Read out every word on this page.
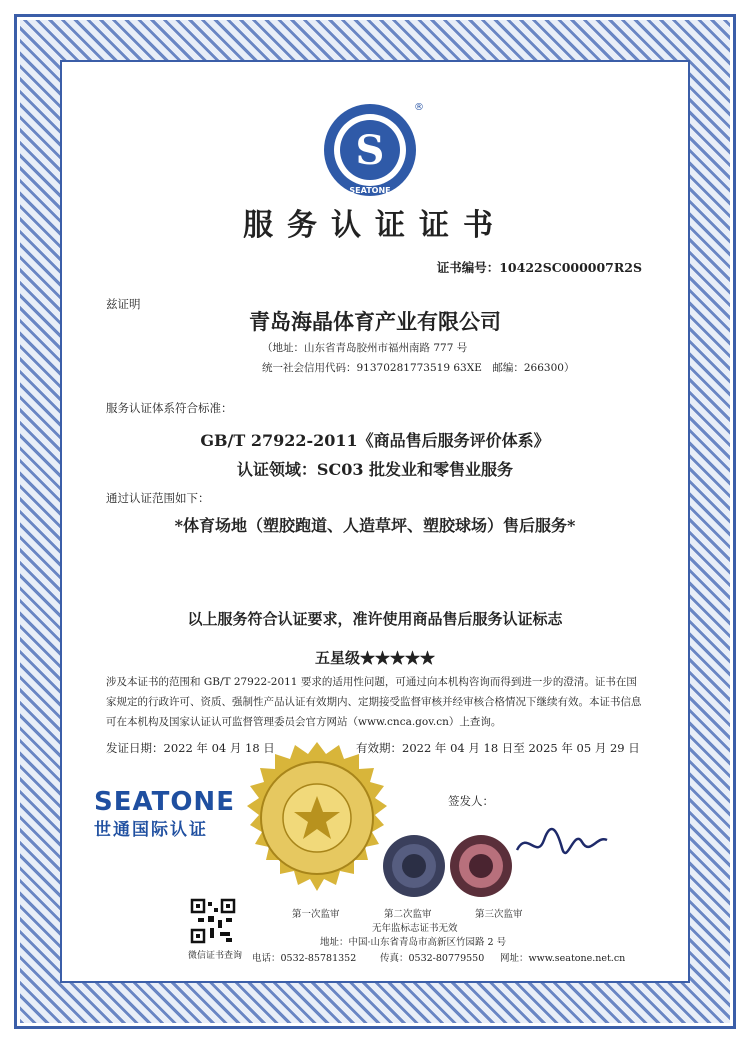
S
SEATONE
®
服务认证证书
证书编号：10422SC000007R2S
兹证明
青岛海晶体育产业有限公司
（地址：山东省青岛胶州市福州南路 777 号
统一社会信用代码：91370281773519 63XE　邮编：266300）
服务认证体系符合标准：
GB/T 27922-2011《商品售后服务评价体系》
认证领域：SC03 批发业和零售业服务
通过认证范围如下：
*体育场地（塑胶跑道、人造草坪、塑胶球场）售后服务*
以上服务符合认证要求，准许使用商品售后服务认证标志
五星级★★★★★
涉及本证书的范围和 GB/T 27922-2011 要求的适用性问题，可通过向本机构咨询而得到进一步的澄清。证书在国家规定的行政许可、资质、强制性产品认证有效期内、定期接受监督审核并经审核合格情况下继续有效。本证书信息可在本机构及国家认证认可监督管理委员会官方网站（www.cnca.gov.cn）上查询。
发证日期：2022 年 04 月 18 日	有效期：2022 年 04 月 18 日至 2025 年 05 月 29 日
签发人：
SEATONE
世通国际认证
第一次监审	第二次监审	第三次监审
无年监标志证书无效
地址：中国·山东省青岛市高新区竹园路 2 号
微信证书查询 电话：0532-85781352	传真：0532-80779550 网址：www.seatone.net.cn
